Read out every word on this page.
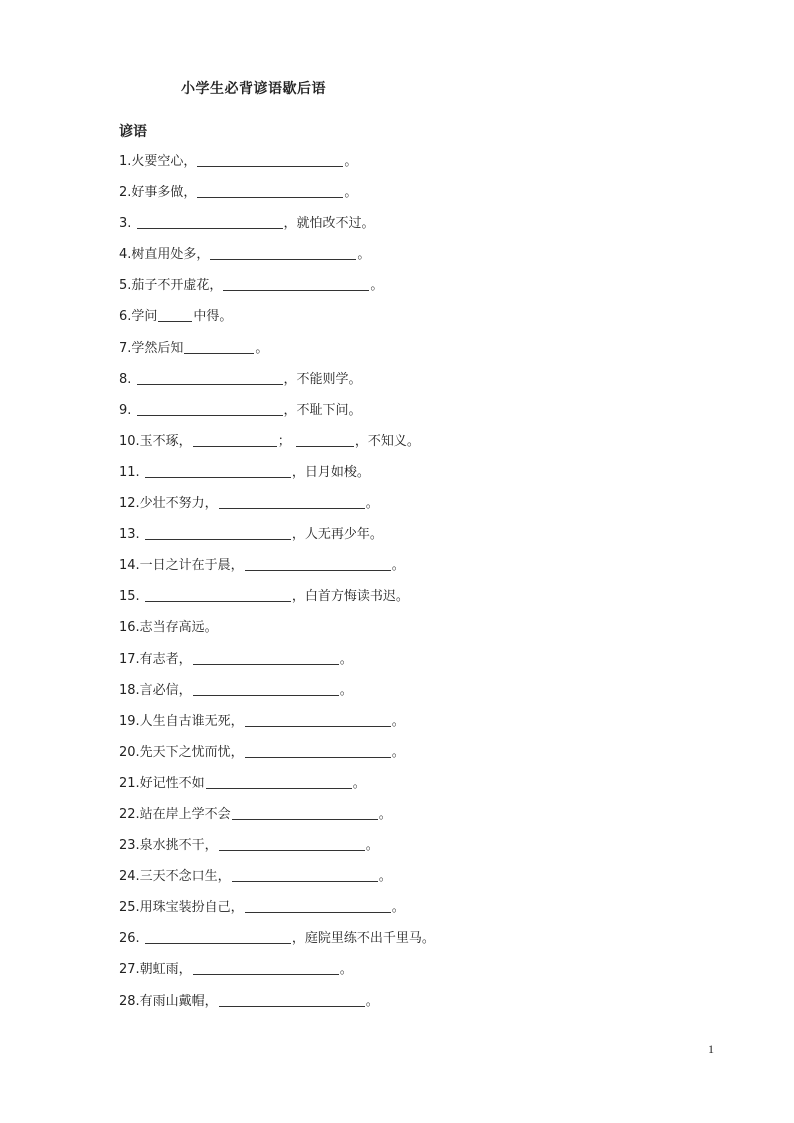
小学生必背谚语歇后语
谚语
1.火要空心，	。
2.好事多做，	。
3.	，就怕改不过。
4.树直用处多，	。
5.茄子不开虚花，	。
6.学问	中得。
7.学然后知	。
8.	，不能则学。
9.	，不耻下问。
10.玉不琢，	；	，不知义。
11.	，日月如梭。
12.少壮不努力，	。
13.	，人无再少年。
14.一日之计在于晨，	。
15.	，白首方悔读书迟。
16.志当存高远。
17.有志者，	。
18.言必信，	。
19.人生自古谁无死，	。
20.先天下之忧而忧，	。
21.好记性不如	。
22.站在岸上学不会	。
23.泉水挑不干，	。
24.三天不念口生，	。
25.用珠宝装扮自己，	。
26.	，庭院里练不出千里马。
27.朝虹雨，	。
28.有雨山戴帽，	。
1
